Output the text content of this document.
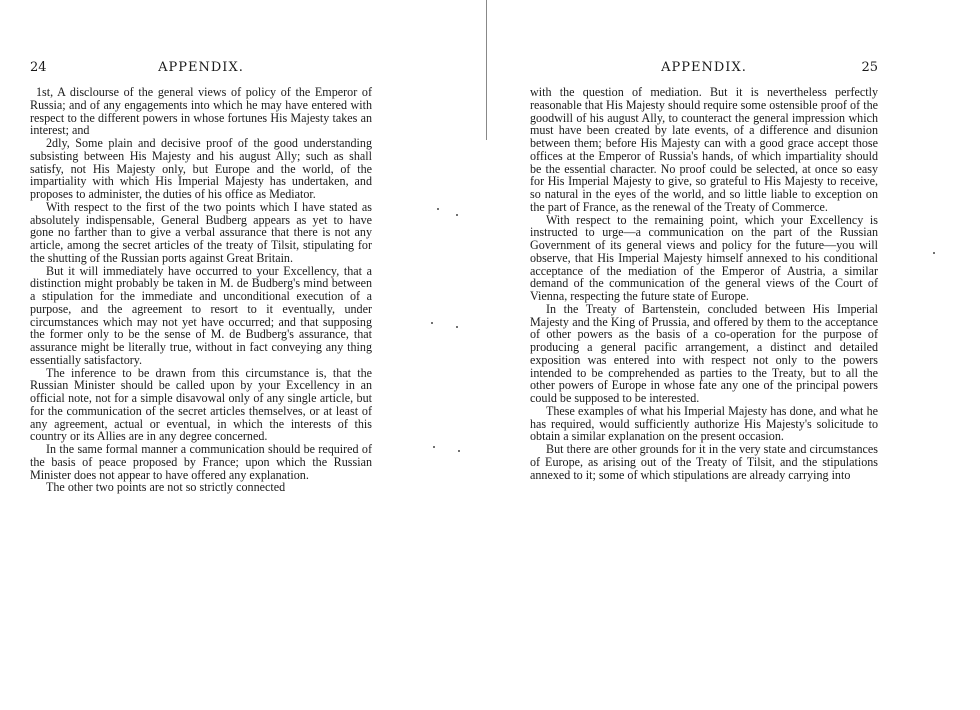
24	APPENDIX.

1st, A disclourse of the general views of policy of the Emperor of Russia; and of any engagements into which he may have entered with respect to the different powers in whose fortunes His Majesty takes an interest; and

2dly, Some plain and decisive proof of the good understanding subsisting between His Majesty and his august Ally; such as shall satisfy, not His Majesty only, but Europe and the world, of the impartiality with which His Imperial Majesty has undertaken, and proposes to administer, the duties of his office as Mediator.

With respect to the first of the two points which I have stated as absolutely indispensable, General Budberg appears as yet to have gone no farther than to give a verbal assurance that there is not any article, among the secret articles of the treaty of Tilsit, stipulating for the shutting of the Russian ports against Great Britain.

But it will immediately have occurred to your Excellency, that a distinction might probably be taken in M. de Budberg's mind between a stipulation for the immediate and unconditional execution of a purpose, and the agreement to resort to it eventually, under circumstances which may not yet have occurred; and that supposing the former only to be the sense of M. de Budberg's assurance, that assurance might be literally true, without in fact conveying any thing essentially satisfactory.

The inference to be drawn from this circumstance is, that the Russian Minister should be called upon by your Excellency in an official note, not for a simple disavowal only of any single article, but for the communication of the secret articles themselves, or at least of any agreement, actual or eventual, in which the interests of this country or its Allies are in any degree concerned.

In the same formal manner a communication should be required of the basis of peace proposed by France; upon which the Russian Minister does not appear to have offered any explanation.

The other two points are not so strictly connected

APPENDIX.	25

with the question of mediation. But it is nevertheless perfectly reasonable that His Majesty should require some ostensible proof of the goodwill of his august Ally, to counteract the general impression which must have been created by late events, of a difference and disunion between them; before His Majesty can with a good grace accept those offices at the Emperor of Russia's hands, of which impartiality should be the essential character. No proof could be selected, at once so easy for His Imperial Majesty to give, so grateful to His Majesty to receive, so natural in the eyes of the world, and so little liable to exception on the part of France, as the renewal of the Treaty of Commerce.

With respect to the remaining point, which your Excellency is instructed to urge—a communication on the part of the Russian Government of its general views and policy for the future—you will observe, that His Imperial Majesty himself annexed to his conditional acceptance of the mediation of the Emperor of Austria, a similar demand of the communication of the general views of the Court of Vienna, respecting the future state of Europe.

In the Treaty of Bartenstein, concluded between His Imperial Majesty and the King of Prussia, and offered by them to the acceptance of other powers as the basis of a co-operation for the purpose of producing a general pacific arrangement, a distinct and detailed exposition was entered into with respect not only to the powers intended to be comprehended as parties to the Treaty, but to all the other powers of Europe in whose fate any one of the principal powers could be supposed to be interested.

These examples of what his Imperial Majesty has done, and what he has required, would sufficiently authorize His Majesty's solicitude to obtain a similar explanation on the present occasion.

But there are other grounds for it in the very state and circumstances of Europe, as arising out of the Treaty of Tilsit, and the stipulations annexed to it; some of which stipulations are already carrying into
